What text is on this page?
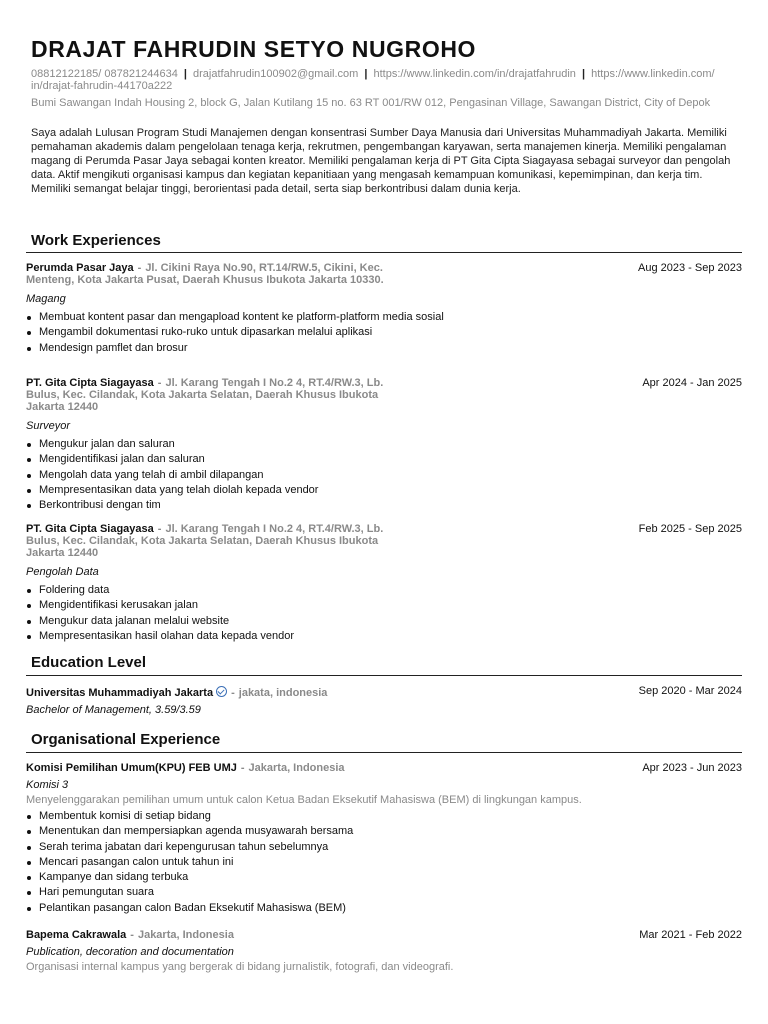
DRAJAT FAHRUDIN SETYO NUGROHO
08812122185/ 087821244634 | drajatfahrudin100902@gmail.com | https://www.linkedin.com/in/drajatfahrudin | https://www.linkedin.com/ in/drajat-fahrudin-44170a222
Bumi Sawangan Indah Housing 2, block G, Jalan Kutilang 15 no. 63 RT 001/RW 012, Pengasinan Village, Sawangan District, City of Depok
Saya adalah Lulusan Program Studi Manajemen dengan konsentrasi Sumber Daya Manusia dari Universitas Muhammadiyah Jakarta. Memiliki pemahaman akademis dalam pengelolaan tenaga kerja, rekrutmen, pengembangan karyawan, serta manajemen kinerja. Memiliki pengalaman magang di Perumda Pasar Jaya sebagai konten kreator. Memiliki pengalaman kerja di PT Gita Cipta Siagayasa sebagai surveyor dan pengolah data. Aktif mengikuti organisasi kampus dan kegiatan kepanitiaan yang mengasah kemampuan komunikasi, kepemimpinan, dan kerja tim. Memiliki semangat belajar tinggi, berorientasi pada detail, serta siap berkontribusi dalam dunia kerja.
Work Experiences
Perumda Pasar Jaya - Jl. Cikini Raya No.90, RT.14/RW.5, Cikini, Kec. Menteng, Kota Jakarta Pusat, Daerah Khusus Ibukota Jakarta 10330.
Aug 2023 - Sep 2023
Magang
Membuat kontent pasar dan mengapload kontent ke platform-platform media sosial
Mengambil dokumentasi ruko-ruko untuk dipasarkan melalui aplikasi
Mendesign pamflet dan brosur
PT. Gita Cipta Siagayasa - Jl. Karang Tengah I No.2 4, RT.4/RW.3, Lb. Bulus, Kec. Cilandak, Kota Jakarta Selatan, Daerah Khusus Ibukota Jakarta 12440
Apr 2024 - Jan 2025
Surveyor
Mengukur jalan dan saluran
Mengidentifikasi jalan dan saluran
Mengolah data yang telah di ambil dilapangan
Mempresentasikan data yang telah diolah kepada vendor
Berkontribusi dengan tim
PT. Gita Cipta Siagayasa - Jl. Karang Tengah I No.2 4, RT.4/RW.3, Lb. Bulus, Kec. Cilandak, Kota Jakarta Selatan, Daerah Khusus Ibukota Jakarta 12440
Feb 2025 - Sep 2025
Pengolah Data
Foldering data
Mengidentifikasi kerusakan jalan
Mengukur data jalanan melalui website
Mempresentasikan hasil olahan data kepada vendor
Education Level
Universitas Muhammadiyah Jakarta - jakata, indonesia	Sep 2020 - Mar 2024
Bachelor of Management, 3.59/3.59
Organisational Experience
Komisi Pemilihan Umum(KPU) FEB UMJ - Jakarta, Indonesia	Apr 2023 - Jun 2023
Komisi 3
Menyelenggarakan pemilihan umum untuk calon Ketua Badan Eksekutif Mahasiswa (BEM) di lingkungan kampus.
Membentuk komisi di setiap bidang
Menentukan dan mempersiapkan agenda musyawarah bersama
Serah terima jabatan dari kepengurusan tahun sebelumnya
Mencari pasangan calon untuk tahun ini
Kampanye dan sidang terbuka
Hari pemungutan suara
Pelantikan pasangan calon Badan Eksekutif Mahasiswa (BEM)
Bapema Cakrawala - Jakarta, Indonesia	Mar 2021 - Feb 2022
Publication, decoration and documentation
Organisasi internal kampus yang bergerak di bidang jurnalistik, fotografi, dan videografi.
